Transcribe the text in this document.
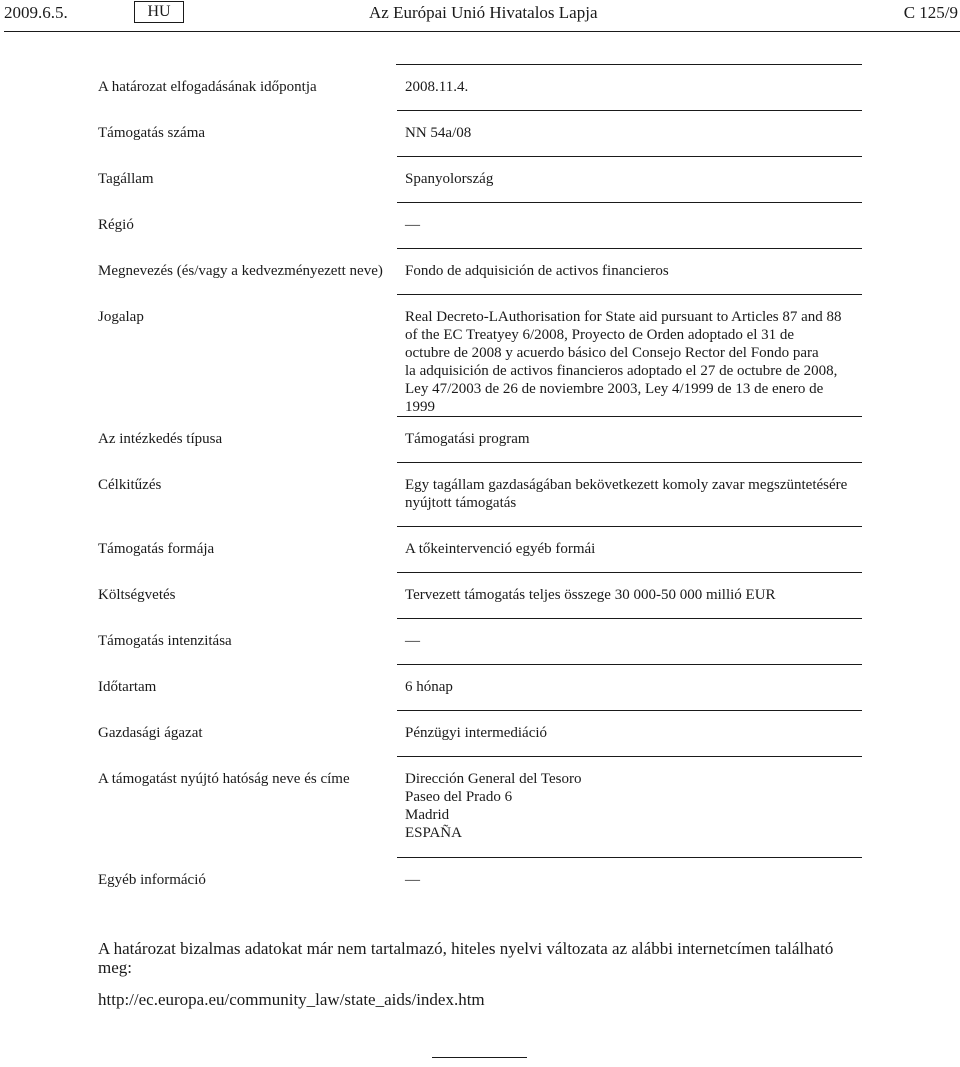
2009.6.5.	HU	Az Európai Unió Hivatalos Lapja	C 125/9
A határozat elfogadásának időpontja	2008.11.4.
Támogatás száma	NN 54a/08
Tagállam	Spanyolország
Régió	—
Megnevezés (és/vagy a kedvezményezett neve)	Fondo de adquisición de activos financieros
Jogalap	Real Decreto-LAuthorisation for State aid pursuant to Articles 87 and 88
of the EC Treatyey 6/2008, Proyecto de Orden adoptado el 31 de
octubre de 2008 y acuerdo básico del Consejo Rector del Fondo para
la adquisición de activos financieros adoptado el 27 de octubre de 2008,
Ley 47/2003 de 26 de noviembre 2003, Ley 4/1999 de 13 de enero de
1999
Az intézkedés típusa	Támogatási program
Célkitűzés	Egy tagállam gazdaságában bekövetkezett komoly zavar megszüntetésére
nyújtott támogatás
Támogatás formája	A tőkeintervenció egyéb formái
Költségvetés	Tervezett támogatás teljes összege 30 000-50 000 millió EUR
Támogatás intenzitása	—
Időtartam	6 hónap
Gazdasági ágazat	Pénzügyi intermediáció
A támogatást nyújtó hatóság neve és címe	Dirección General del Tesoro
Paseo del Prado 6
Madrid
ESPAÑA
Egyéb információ	—
A határozat bizalmas adatokat már nem tartalmazó, hiteles nyelvi változata az alábbi internetcímen található meg:
http://ec.europa.eu/community_law/state_aids/index.htm
